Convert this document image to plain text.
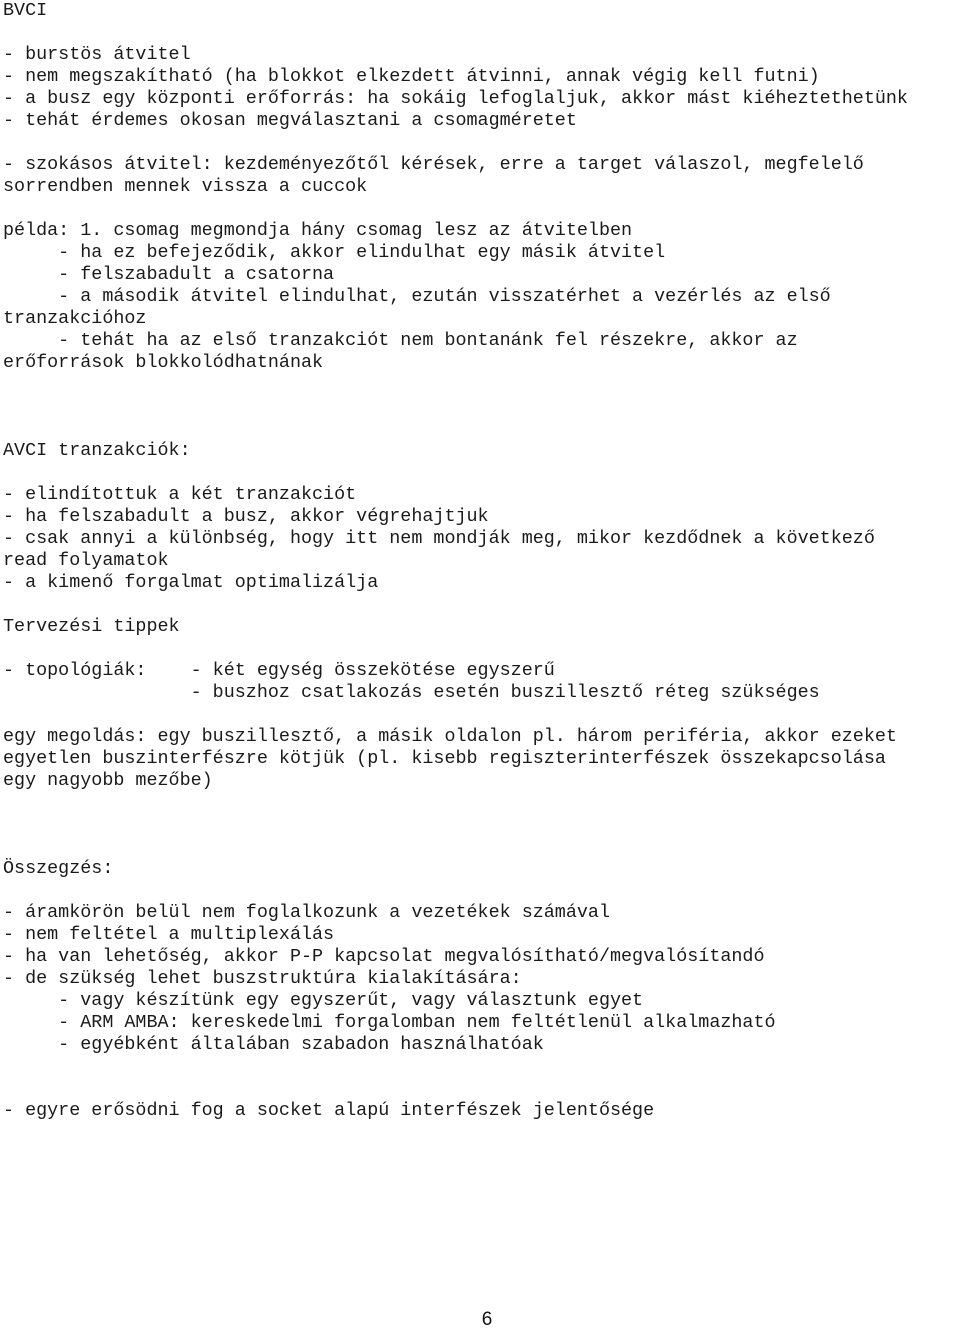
BVCI
- burstös átvitel
- nem megszakítható (ha blokkot elkezdett átvinni, annak végig kell futni)
- a busz egy központi erőforrás: ha sokáig lefoglaljuk, akkor mást kiéheztethetünk
- tehát érdemes okosan megválasztani a csomagméretet
- szokásos átvitel: kezdeményezőtől kérések, erre a target válaszol, megfelelő
sorrendben mennek vissza a cuccok
példa: 1. csomag megmondja hány csomag lesz az átvitelben
- ha ez befejeződik, akkor elindulhat egy másik átvitel
- felszabadult a csatorna
- a második átvitel elindulhat, ezután visszatérhet a vezérlés az első
tranzakcióhoz
- tehát ha az első tranzakciót nem bontanánk fel részekre, akkor az
erőforrások blokkolódhatnának
AVCI tranzakciók:
- elindítottuk a két tranzakciót
- ha felszabadult a busz, akkor végrehajtjuk
- csak annyi a különbség, hogy itt nem mondják meg, mikor kezdődnek a következő
read folyamatok
- a kimenő forgalmat optimalizálja
Tervezési tippek
- topológiák:    - két egység összekötése egyszerű
- buszhoz csatlakozás esetén buszillesztő réteg szükséges
egy megoldás: egy buszillesztő, a másik oldalon pl. három periféria, akkor ezeket
egyetlen buszinterfészre kötjük (pl. kisebb regiszterinterfészek összekapcsolása
egy nagyobb mezőbe)
Összegzés:
- áramkörön belül nem foglalkozunk a vezetékek számával
- nem feltétel a multiplexálás
- ha van lehetőség, akkor P-P kapcsolat megvalósítható/megvalósítandó
- de szükség lehet buszstruktúra kialakítására:
- vagy készítünk egy egyszerűt, vagy választunk egyet
- ARM AMBA: kereskedelmi forgalomban nem feltétlenül alkalmazható
- egyébként általában szabadon használhatóak
- egyre erősödni fog a socket alapú interfészek jelentősége
6
